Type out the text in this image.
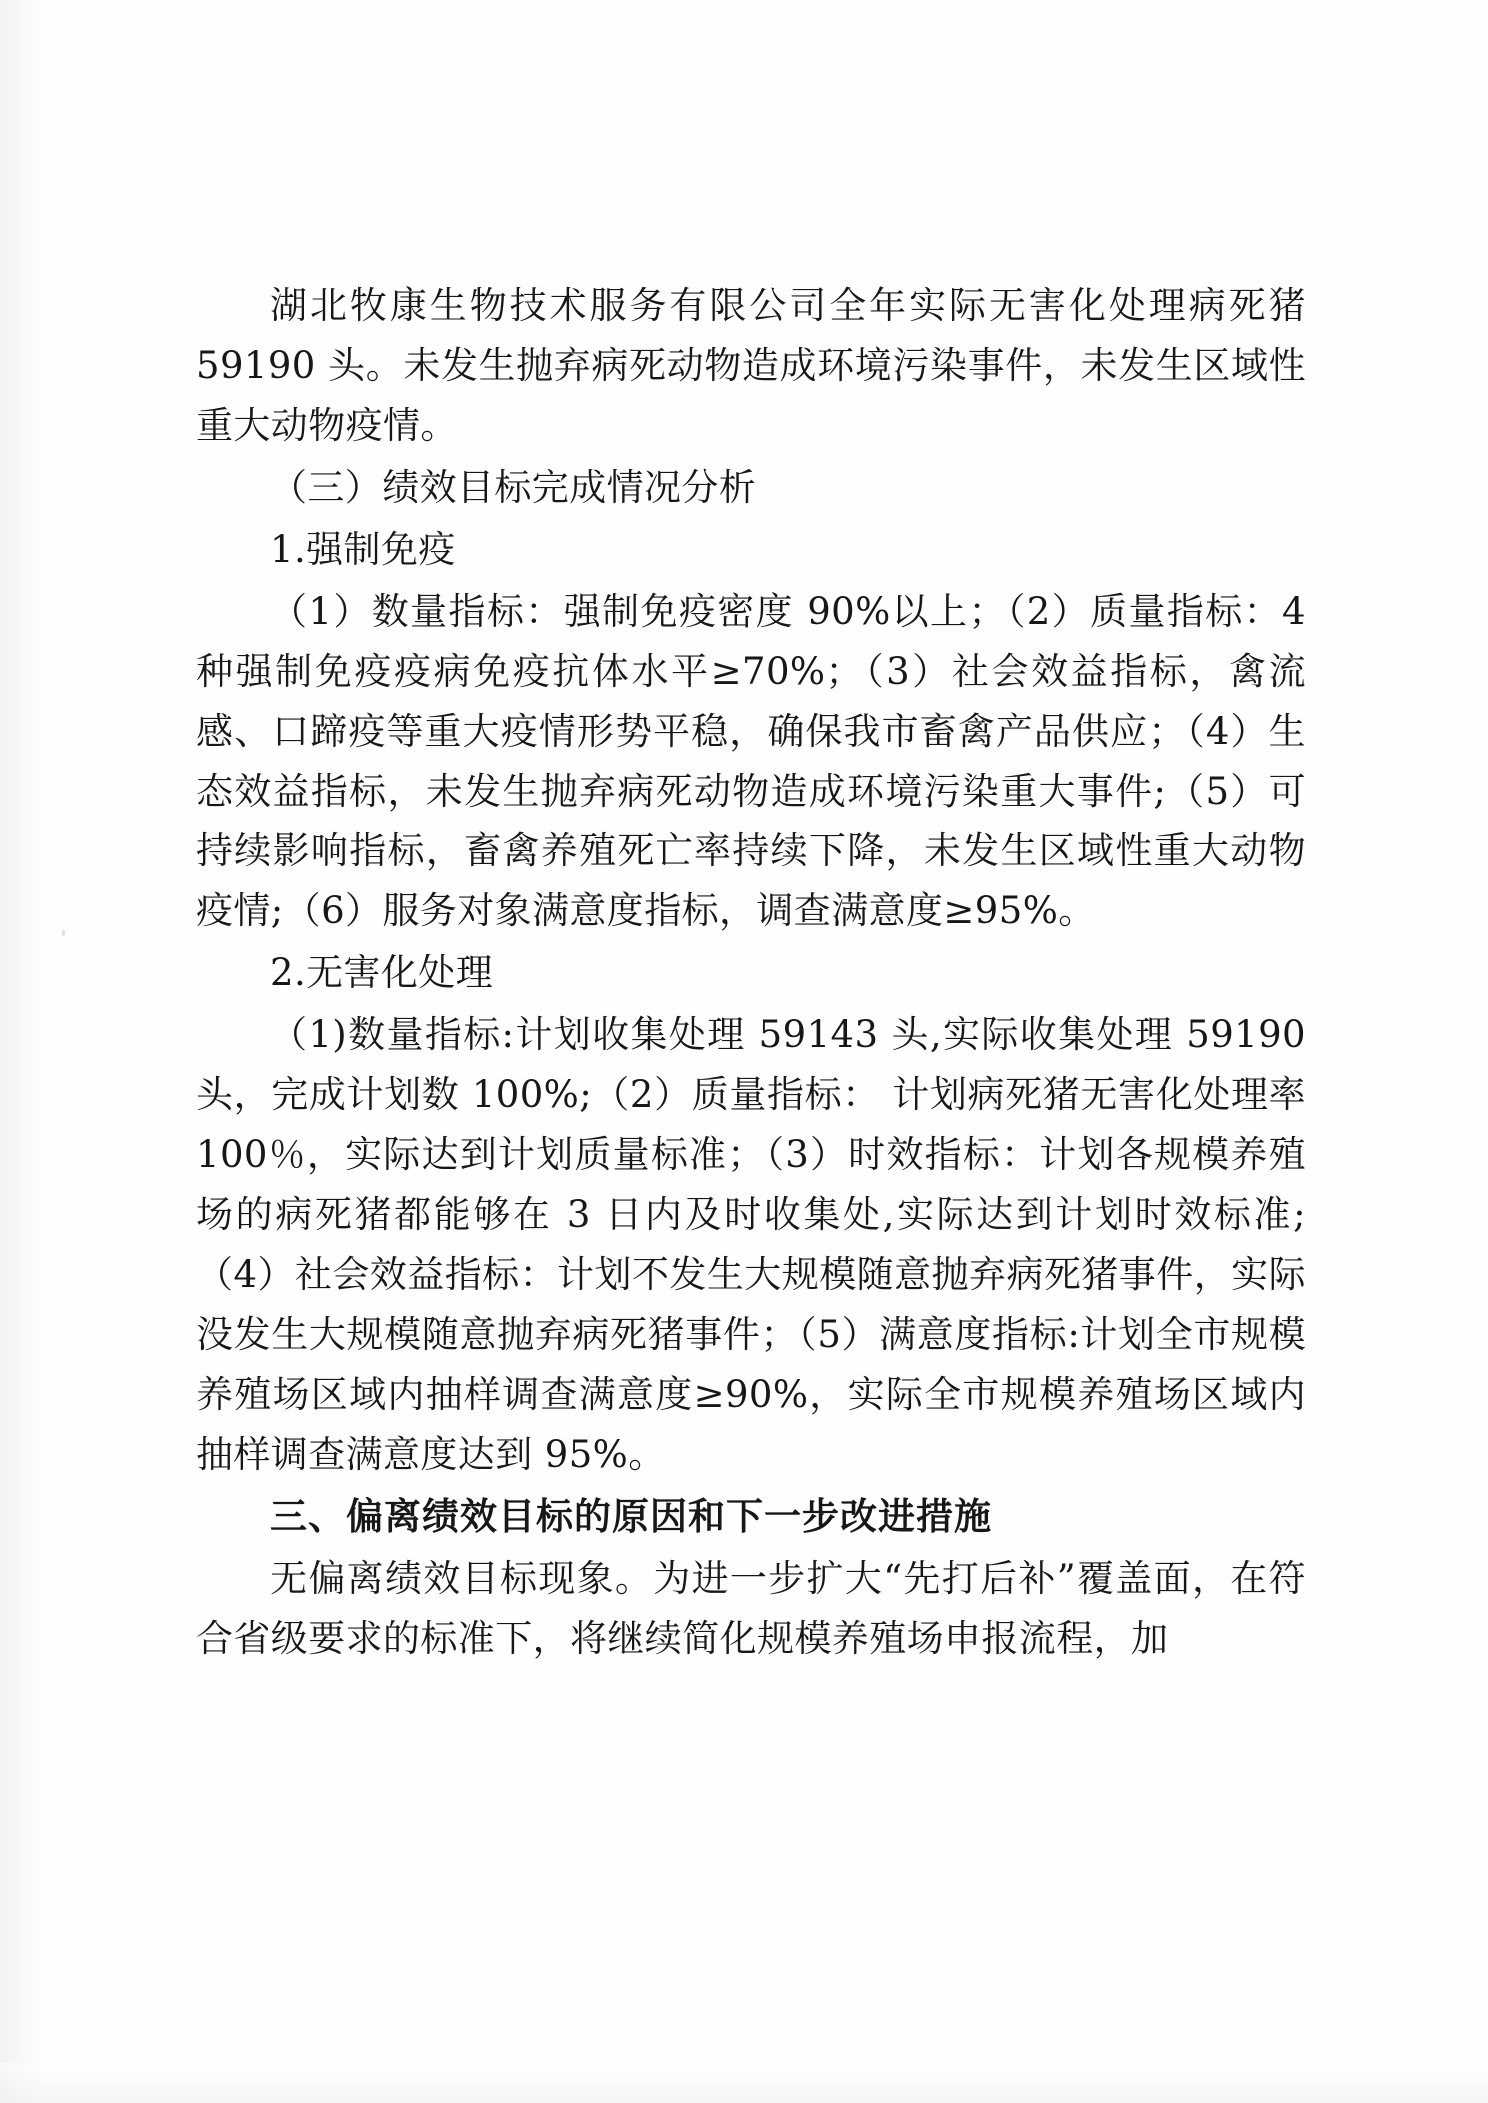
湖北牧康生物技术服务有限公司全年实际无害化处理病死猪 59190 头。未发生抛弃病死动物造成环境污染事件，未发生区域性重大动物疫情。

（三）绩效目标完成情况分析

1.强制免疫

（1）数量指标：强制免疫密度 90%以上；（2）质量指标：4 种强制免疫疫病免疫抗体水平≥70%；（3）社会效益指标，禽流感、口蹄疫等重大疫情形势平稳，确保我市畜禽产品供应；（4）生态效益指标，未发生抛弃病死动物造成环境污染重大事件;（5）可持续影响指标，畜禽养殖死亡率持续下降，未发生区域性重大动物疫情;（6）服务对象满意度指标，调查满意度≥95%。

2.无害化处理

（1)数量指标:计划收集处理 59143 头,实际收集处理 59190 头，完成计划数 100%;（2）质量指标： 计划病死猪无害化处理率 100％，实际达到计划质量标准；（3）时效指标：计划各规模养殖场的病死猪都能够在 3 日内及时收集处,实际达到计划时效标准;（4）社会效益指标：计划不发生大规模随意抛弃病死猪事件，实际没发生大规模随意抛弃病死猪事件；（5）满意度指标:计划全市规模养殖场区域内抽样调查满意度≥90%，实际全市规模养殖场区域内抽样调查满意度达到 95%。

三、偏离绩效目标的原因和下一步改进措施

无偏离绩效目标现象。为进一步扩大“先打后补”覆盖面，在符合省级要求的标准下，将继续简化规模养殖场申报流程，加
